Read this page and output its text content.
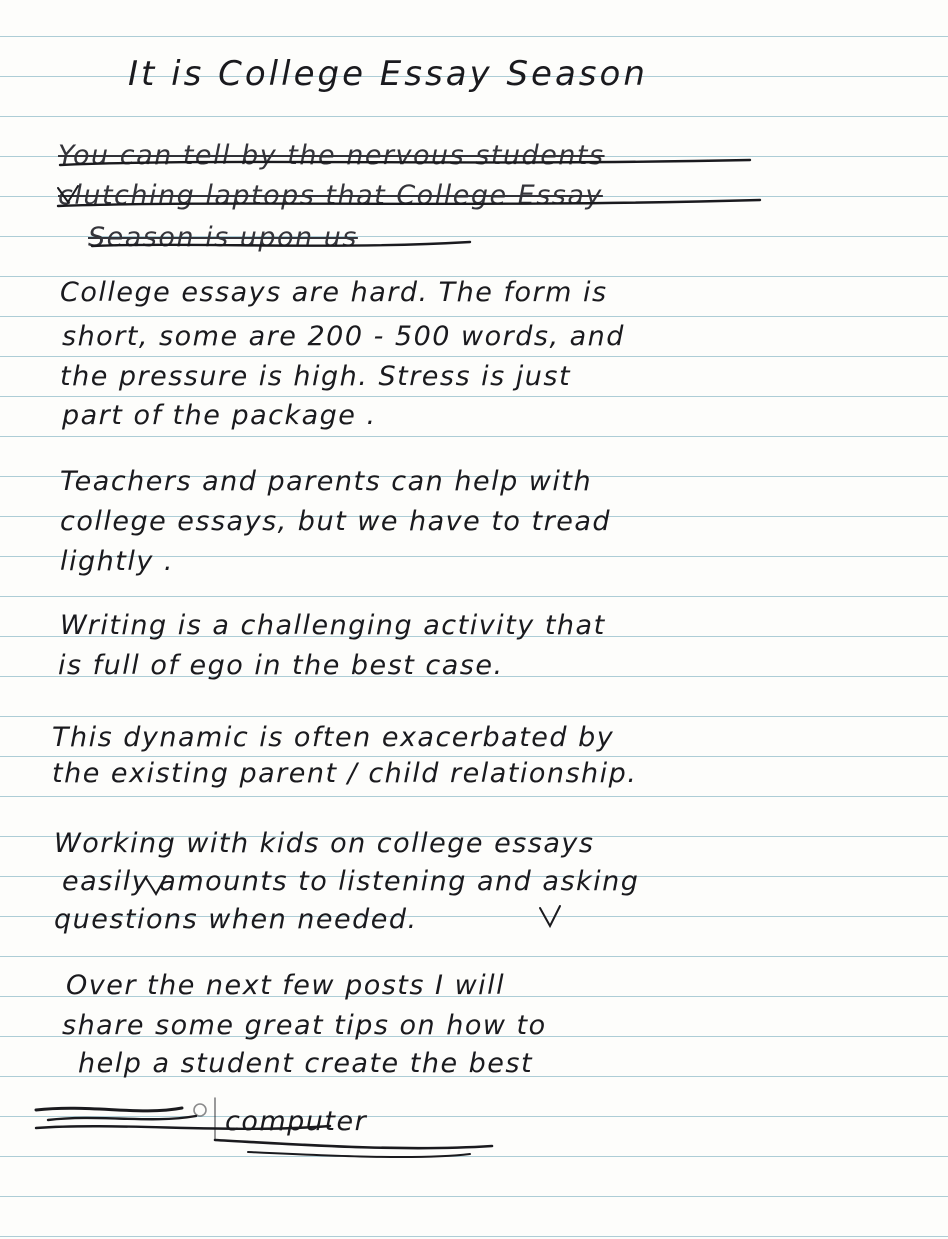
It is College Essay Season
You can tell by the nervous students
clutching laptops that College Essay
Season is upon us
College essays are hard. The form is
short, some are 200 - 500 words, and
the pressure is high. Stress is just
part of the package .
Teachers and parents can help with
college essays, but we have to tread
lightly .
Writing is a challenging activity that
is full of ego in the best case.
This dynamic is often exacerbated by
the existing parent / child relationship.
Working with kids on college essays
easily amounts to listening and asking
questions when needed.
Over the next few posts I will
share some great tips on how to
help a student create the best
computer
